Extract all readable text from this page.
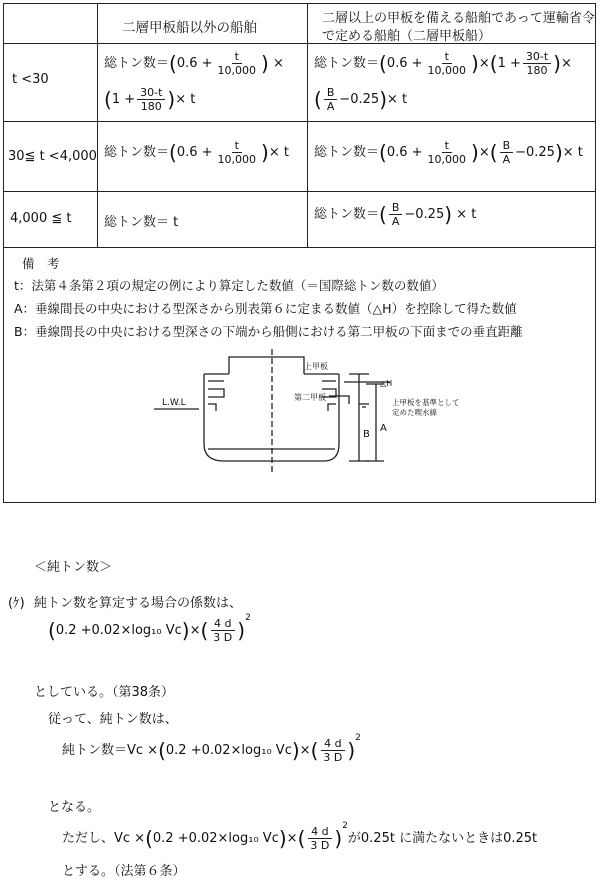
二層甲板船以外の船舶
二層以上の甲板を備える船舶であって運輸省令
で定める船舶（二層甲板船）
t <30
総トン数$=(0.6 + \frac{t}{10,000}$ ) ×
($1 + \frac{30-t}{180}$ )× t
総トン数$=(0.6 + \frac{t}{10,000} )\times(1 + \frac{30-t}{180}$ )×
( $\frac{B}{A} -0.25)\times t$
30≦ t <4,000 総トン数$=(0.6 + \frac{t}{10,000}$ )× t 総トン数$=(0.6 + \frac{t}{10,000}$ )×( $\frac{B}{A} -0.25)\times t$
4,000 ≦ t	総トン数＝ t
総トン数＝( $\frac{B}{A} -0.25) \times t$
備　考
t：法第４条第２項の規定の例により算定した数値（＝国際総トン数の数値）
A：垂線間長の中央における型深さから別表第６に定まる数値（△H）を控除して得た数値
B：垂線間長の中央における型深さの下端から船側における第二甲板の下面までの垂直距離
上甲板
第二甲板
△H
B
A
L.W.L	上甲板を基準として
定めた喫水線
＜純トン数＞
(ｹ) 純トン数を算定する場合の係数は、
(0.2 +0.02×log₁₀ $Vc)\times( \frac{4 d}{3 D} )^2$
としている。（第38条）
従って、純トン数は、
純トン数＝Vc ×(0.2 +0.02×log₁₀ $Vc)\times( \frac{4 d}{3 D} )^2$
となる。
ただし、Vc ×(0.2 +0.02×log₁₀ $Vc)\times( \frac{4 d}{3 D} )^2$が0.25t に満たないときは0.25t
とする。（法第６条）
